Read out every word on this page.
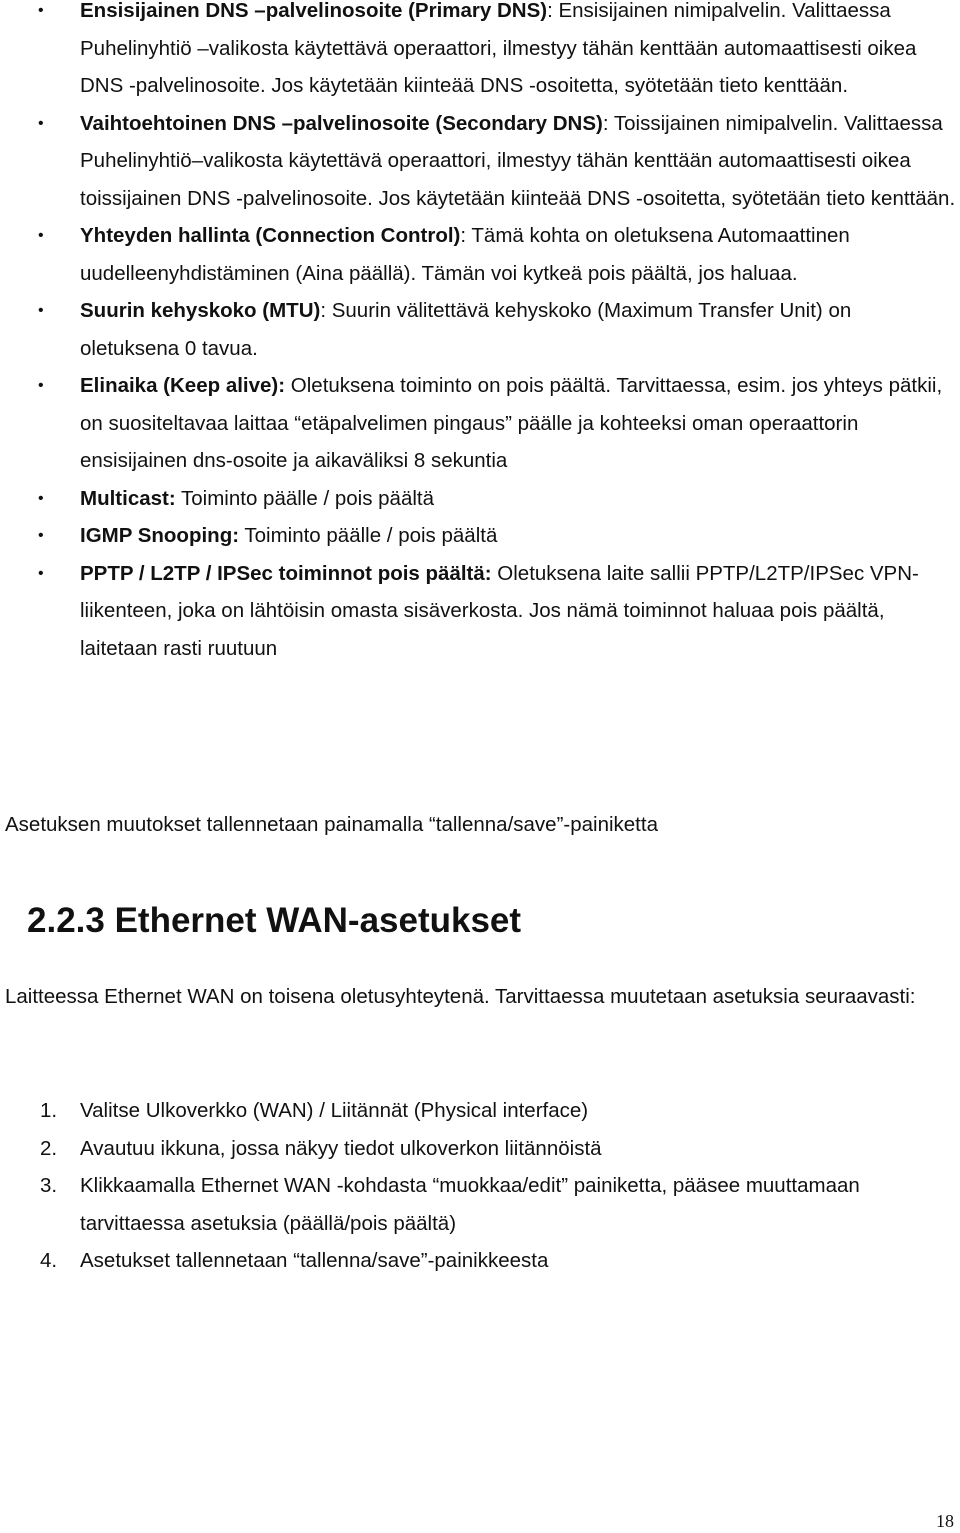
• Ensisijainen DNS –palvelinosoite (Primary DNS): Ensisijainen nimipalvelin. Valittaessa Puhelinyhtiö –valikosta käytettävä operaattori, ilmestyy tähän kenttään automaattisesti oikea DNS -palvelinosoite. Jos käytetään kiinteää DNS -osoitetta, syötetään tieto kenttään.
• Vaihtoehtoinen DNS –palvelinosoite (Secondary DNS): Toissijainen nimipalvelin. Valittaessa Puhelinyhtiö–valikosta käytettävä operaattori, ilmestyy tähän kenttään automaattisesti oikea toissijainen DNS -palvelinosoite. Jos käytetään kiinteää DNS -osoitetta, syötetään tieto kenttään.
• Yhteyden hallinta (Connection Control): Tämä kohta on oletuksena Automaattinen uudelleenyhdistäminen (Aina päällä). Tämän voi kytkeä pois päältä, jos haluaa.
• Suurin kehyskoko (MTU): Suurin välitettävä kehyskoko (Maximum Transfer Unit) on oletuksena 0 tavua.
• Elinaika (Keep alive): Oletuksena toiminto on pois päältä. Tarvittaessa, esim. jos yhteys pätkii, on suositeltavaa laittaa “etäpalvelimen pingaus” päälle ja kohteeksi oman operaattorin ensisijainen dns-osoite ja aikaväliksi 8 sekuntia
• Multicast: Toiminto päälle / pois päältä
• IGMP Snooping: Toiminto päälle / pois päältä
• PPTP / L2TP / IPSec toiminnot pois päältä: Oletuksena laite sallii PPTP/L2TP/IPSec VPN-liikenteen, joka on lähtöisin omasta sisäverkosta. Jos nämä toiminnot haluaa pois päältä, laitetaan rasti ruutuun

Asetuksen muutokset tallennetaan painamalla “tallenna/save”-painiketta

2.2.3 Ethernet WAN-asetukset

Laitteessa Ethernet WAN on toisena oletusyhteytenä. Tarvittaessa muutetaan asetuksia seuraavasti:

1. Valitse Ulkoverkko (WAN) / Liitännät (Physical interface)
2. Avautuu ikkuna, jossa näkyy tiedot ulkoverkon liitännöistä
3. Klikkaamalla Ethernet WAN -kohdasta “muokkaa/edit” painiketta, pääsee muuttamaan tarvittaessa asetuksia (päällä/pois päältä)
4. Asetukset tallennetaan “tallenna/save”-painikkeesta
18
